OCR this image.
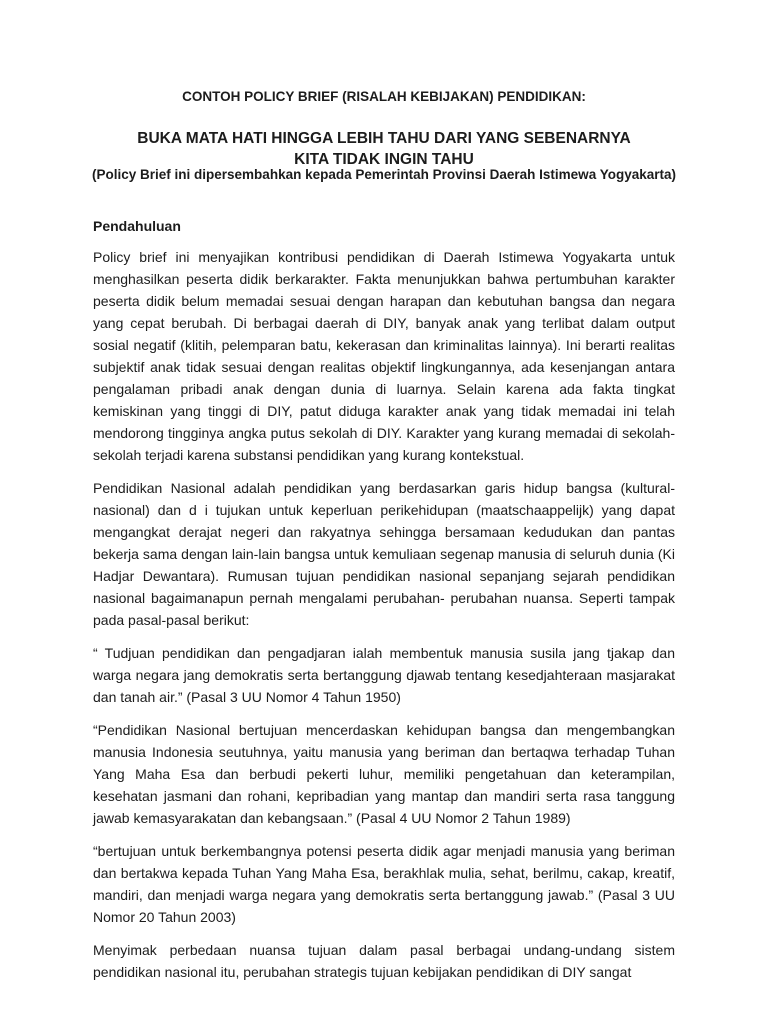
CONTOH POLICY BRIEF (RISALAH KEBIJAKAN) PENDIDIKAN:
BUKA MATA HATI HINGGA LEBIH TAHU DARI YANG SEBENARNYA
KITA TIDAK INGIN TAHU
(Policy Brief ini dipersembahkan kepada Pemerintah Provinsi Daerah Istimewa Yogyakarta)
Pendahuluan

Policy brief ini menyajikan kontribusi pendidikan di Daerah Istimewa Yogyakarta untuk menghasilkan peserta didik berkarakter. Fakta menunjukkan bahwa pertumbuhan karakter peserta didik belum memadai sesuai dengan harapan dan kebutuhan bangsa dan negara yang cepat berubah. Di berbagai daerah di DIY, banyak anak yang terlibat dalam output sosial negatif (klitih, pelemparan batu, kekerasan dan kriminalitas lainnya). Ini berarti realitas subjektif anak tidak sesuai dengan realitas objektif lingkungannya, ada kesenjangan antara pengalaman pribadi anak dengan dunia di luarnya. Selain karena ada fakta tingkat kemiskinan yang tinggi di DIY, patut diduga karakter anak yang tidak memadai ini telah mendorong tingginya angka putus sekolah di DIY. Karakter yang kurang memadai di sekolah-sekolah terjadi karena substansi pendidikan yang kurang kontekstual.

Pendidikan Nasional adalah pendidikan yang berdasarkan garis hidup bangsa (kultural-nasional) dan d i tujukan untuk keperluan perikehidupan (maatschaappelijk) yang dapat mengangkat derajat negeri dan rakyatnya sehingga bersamaan kedudukan dan pantas bekerja sama dengan lain-lain bangsa untuk kemuliaan segenap manusia di seluruh dunia (Ki Hadjar Dewantara). Rumusan tujuan pendidikan nasional sepanjang sejarah pendidikan nasional bagaimanapun pernah mengalami perubahan- perubahan nuansa. Seperti tampak pada pasal-pasal berikut:

“ Tudjuan pendidikan dan pengadjaran ialah membentuk manusia susila jang tjakap dan warga negara jang demokratis serta bertanggung djawab tentang kesedjahteraan masjarakat dan tanah air.” (Pasal 3 UU Nomor 4 Tahun 1950)

“Pendidikan Nasional bertujuan mencerdaskan kehidupan bangsa dan mengembangkan manusia Indonesia seutuhnya, yaitu manusia yang beriman dan bertaqwa terhadap Tuhan Yang Maha Esa dan berbudi pekerti luhur, memiliki pengetahuan dan keterampilan, kesehatan jasmani dan rohani, kepribadian yang mantap dan mandiri serta rasa tanggung jawab kemasyarakatan dan kebangsaan.” (Pasal 4 UU Nomor 2 Tahun 1989)

“bertujuan untuk berkembangnya potensi peserta didik agar menjadi manusia yang beriman dan bertakwa kepada Tuhan Yang Maha Esa, berakhlak mulia, sehat, berilmu, cakap, kreatif, mandiri, dan menjadi warga negara yang demokratis serta bertanggung jawab.” (Pasal 3 UU Nomor 20 Tahun 2003)

Menyimak perbedaan nuansa tujuan dalam pasal berbagai undang-undang sistem pendidikan nasional itu, perubahan strategis tujuan kebijakan pendidikan di DIY sangat
